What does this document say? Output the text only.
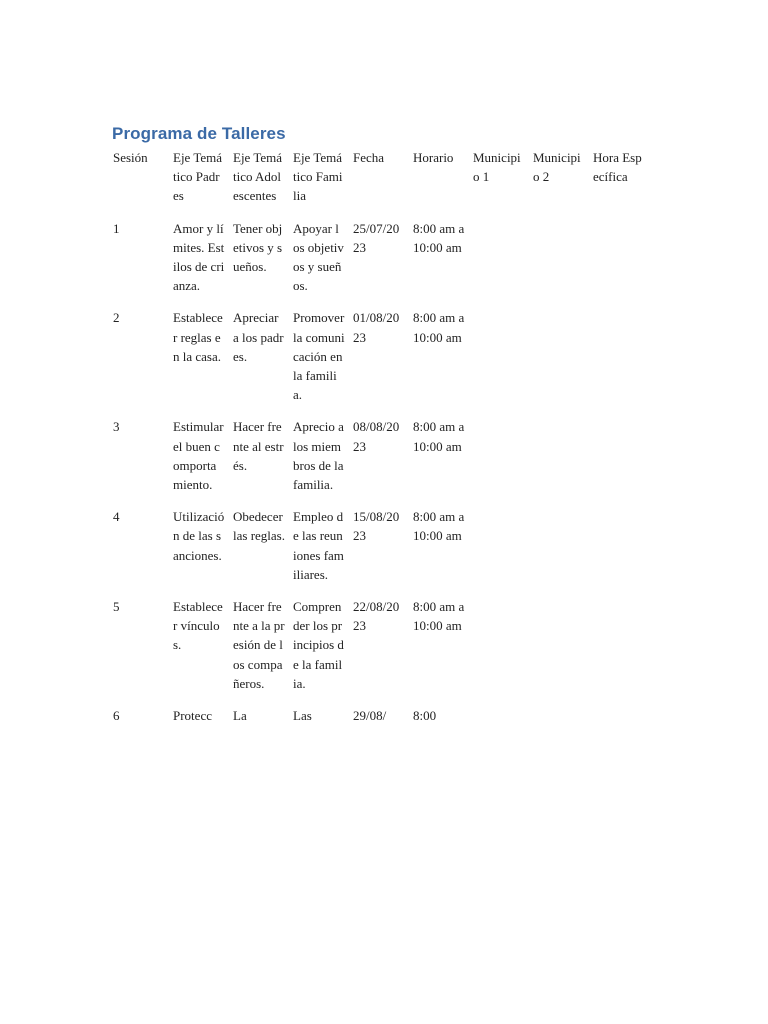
Programa de Talleres
Sesión	Eje Temático Padres	Eje Temático Adolescentes	Eje Temático Familia	Fecha	Horario	Municipio 1	Municipio 2	Hora Específica
1	Amor y límites. Estilos de crianza.	Tener objetivos y sueños.	Apoyar los objetivos y sueños.	25/07/2023	8:00 am a 10:00 am			
2	Establecer reglas en la casa.	Apreciar a los padres.	Promover la comunicación en la familia.	01/08/2023	8:00 am a 10:00 am			
3	Estimular el buen comportamiento.	Hacer frente al estrés.	Aprecio a los miembros de la familia.	08/08/2023	8:00 am a 10:00 am			
4	Utilización de las sanciones.	Obedecer las reglas.	Empleo de las reuniones familiares.	15/08/2023	8:00 am a 10:00 am			
5	Establecer vínculos.	Hacer frente a la presión de los compañeros.	Comprender los principios de la familia.	22/08/2023	8:00 am a 10:00 am			
6	Protecc	La	Las	29/08/	8:00			
